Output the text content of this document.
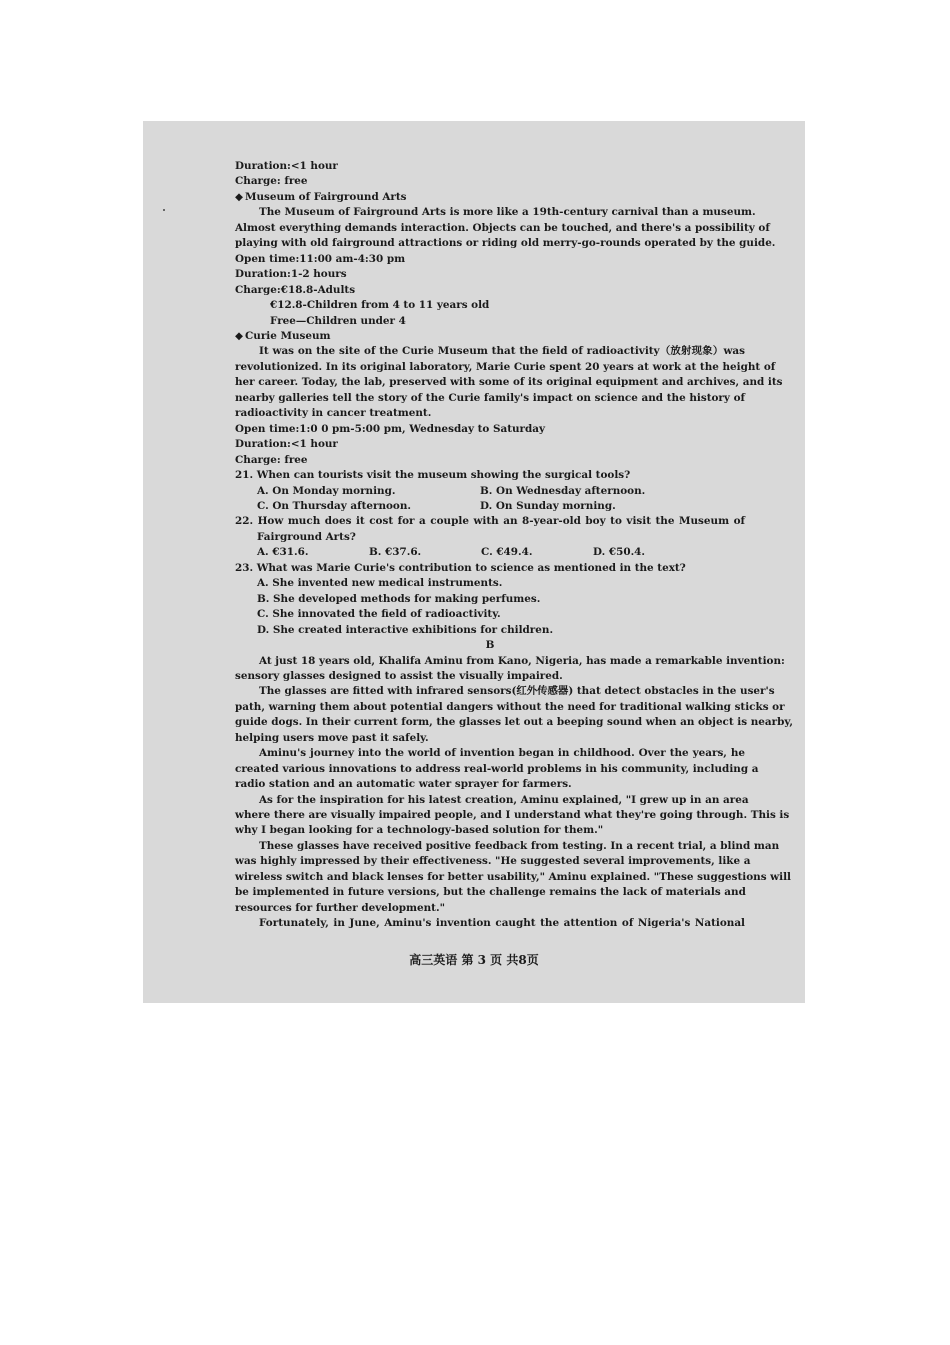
Duration:<1 hour
Charge: free
◆ Museum of Fairground Arts
The Museum of Fairground Arts is more like a 19th-century carnival than a museum.
Almost everything demands interaction. Objects can be touched, and there's a possibility of
playing with old fairground attractions or riding old merry-go-rounds operated by the guide.
Open time:11:00 am-4:30 pm
Duration:1-2 hours
Charge:€18.8-Adults
€12.8-Children from 4 to 11 years old
Free—Children under 4
◆ Curie Museum
It was on the site of the Curie Museum that the field of radioactivity（放射现象）was
revolutionized. In its original laboratory, Marie Curie spent 20 years at work at the height of
her career. Today, the lab, preserved with some of its original equipment and archives, and its
nearby galleries tell the story of the Curie family's impact on science and the history of
radioactivity in cancer treatment.
Open time:1:0 0 pm-5:00 pm, Wednesday to Saturday
Duration:<1 hour
Charge: free
21. When can tourists visit the museum showing the surgical tools?
A. On Monday morning.	B. On Wednesday afternoon.
C. On Thursday afternoon.	D. On Sunday morning.
22. How much does it cost for a couple with an 8-year-old boy to visit the Museum of
Fairground Arts?
A. €31.6.	B. €37.6.	C. €49.4.	D. €50.4.
23. What was Marie Curie's contribution to science as mentioned in the text?
A. She invented new medical instruments.
B. She developed methods for making perfumes.
C. She innovated the field of radioactivity.
D. She created interactive exhibitions for children.
B
At just 18 years old, Khalifa Aminu from Kano, Nigeria, has made a remarkable invention:
sensory glasses designed to assist the visually impaired.
The glasses are fitted with infrared sensors(红外传感器) that detect obstacles in the user's
path, warning them about potential dangers without the need for traditional walking sticks or
guide dogs. In their current form, the glasses let out a beeping sound when an object is nearby,
helping users move past it safely.
Aminu's journey into the world of invention began in childhood. Over the years, he
created various innovations to address real-world problems in his community, including a
radio station and an automatic water sprayer for farmers.
As for the inspiration for his latest creation, Aminu explained, "I grew up in an area
where there are visually impaired people, and I understand what they're going through. This is
why I began looking for a technology-based solution for them."
These glasses have received positive feedback from testing. In a recent trial, a blind man
was highly impressed by their effectiveness. "He suggested several improvements, like a
wireless switch and black lenses for better usability," Aminu explained. "These suggestions will
be implemented in future versions, but the challenge remains the lack of materials and
resources for further development."
Fortunately, in June, Aminu's invention caught the attention of Nigeria's National
高三英语 第 3 页 共8页
